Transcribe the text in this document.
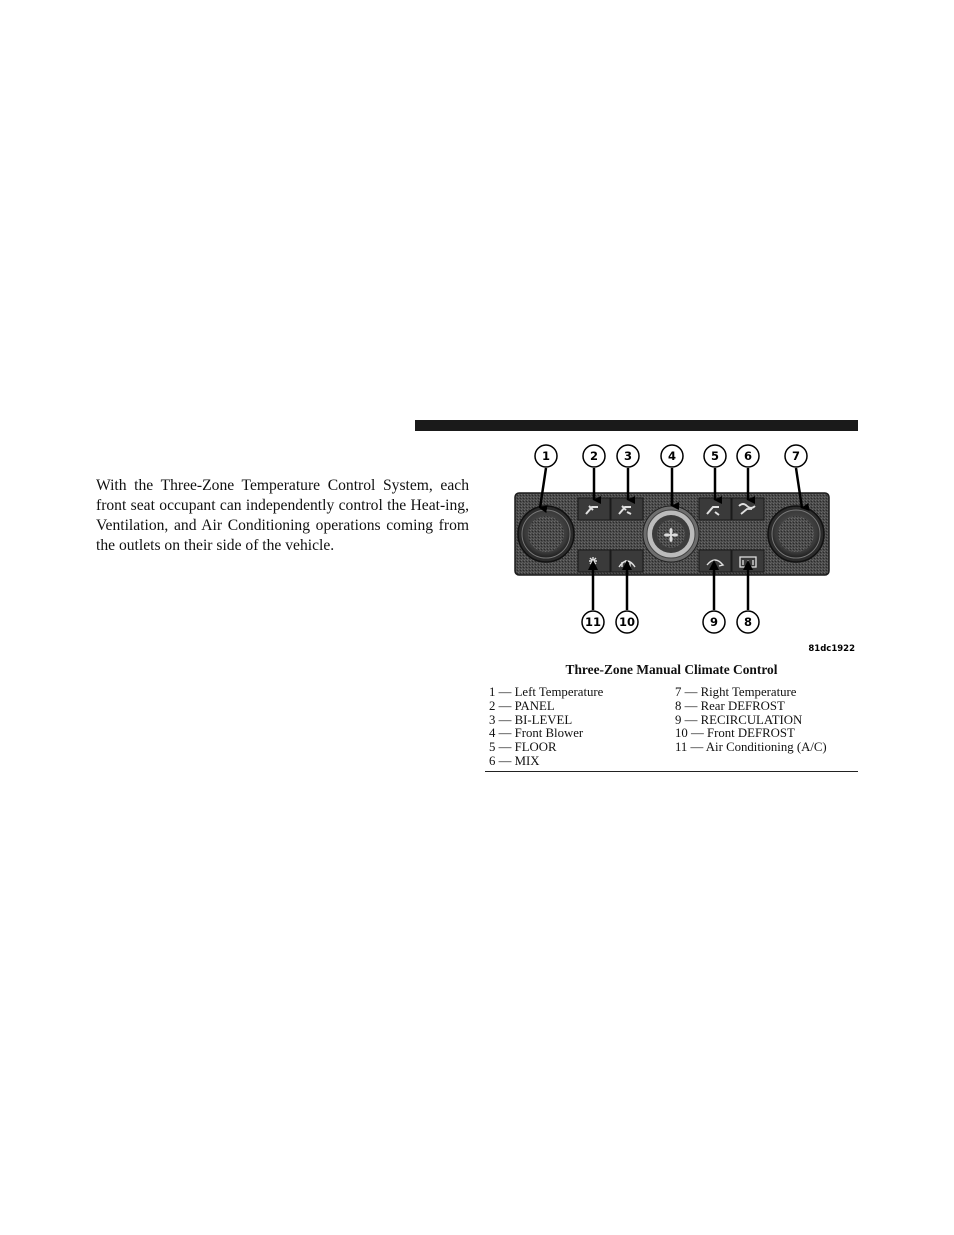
With the Three-Zone Temperature Control System, each front seat occupant can independently control the Heat-ing, Ventilation, and Air Conditioning operations coming from the outlets on their side of the vehicle.

1	2 3	4	5 6	7
11 10	9 8
81dc1922
Three-Zone Manual Climate Control
1 — Left Temperature
2 — PANEL
3 — BI-LEVEL
4 — Front Blower
5 — FLOOR
6 — MIX
7 — Right Temperature
8 — Rear DEFROST
9 — RECIRCULATION
10 — Front DEFROST
11 — Air Conditioning (A/C)
